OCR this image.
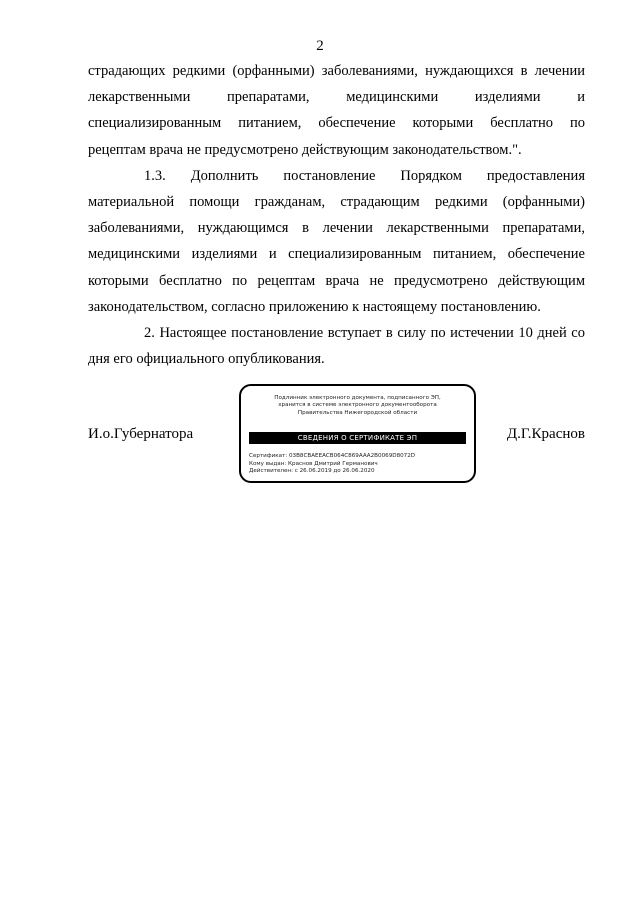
2

страдающих редкими (орфанными) заболеваниями, нуждающихся в лечении
лекарственными препаратами, медицинскими изделиями и
специализированным питанием, обеспечение которыми бесплатно по
рецептам врача не предусмотрено действующим законодательством.".

1.3. Дополнить постановление Порядком предоставления
материальной помощи гражданам, страдающим редкими (орфанными)
заболеваниями, нуждающимся в лечении лекарственными препаратами,
медицинскими изделиями и специализированным питанием, обеспечение
которыми бесплатно по рецептам врача не предусмотрено действующим
законодательством, согласно приложению к настоящему постановлению.

2. Настоящее постановление вступает в силу по истечении 10 дней со
дня его официального опубликования.

И.о.Губернатора
Подлинник электронного документа, подписанного ЭП,
хранится в системе электронного документооборота
Правительства Нижегородской области
СВЕДЕНИЯ О СЕРТИФИКАТЕ ЭП
Сертификат: 03B8CBAEEACB064C869AAA2B0069D8072D
Кому выдан: Краснов Дмитрий Германович
Действителен: с 26.06.2019 до 26.06.2020
Д.Г.Краснов
